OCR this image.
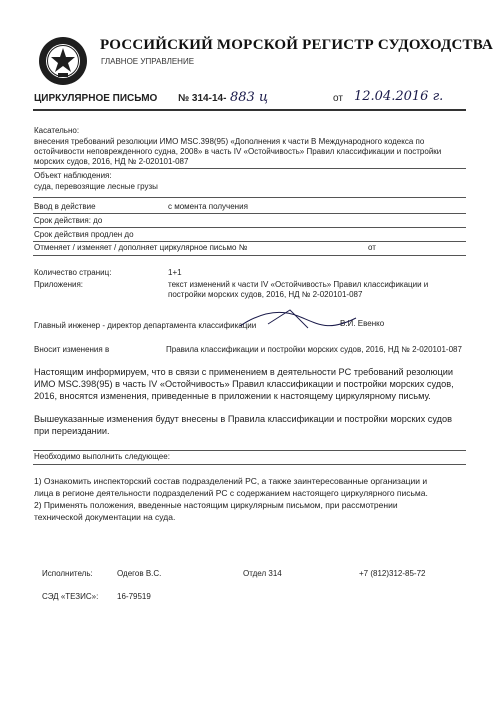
РОССИЙСКИЙ МОРСКОЙ РЕГИСТР СУДОХОДСТВА
ГЛАВНОЕ УПРАВЛЕНИЕ
ЦИРКУЛЯРНОЕ ПИСЬМО № 314-14- 883 ц	от 12.04.2016 г.
Касательно:
внесения требований резолюции ИМО MSC.398(95) «Дополнения к части В Международного кодекса по
остойчивости неповрежденного судна, 2008» в часть IV «Остойчивость» Правил классификации и постройки
морских судов, 2016, НД № 2-020101-087
Объект наблюдения:
суда, перевозящие лесные грузы
Ввод в действие	с момента получения
Срок действия: до
Срок действия продлен до
Отменяет / изменяет / дополняет циркулярное письмо №	от
Количество страниц:	1+1
Приложения:	текст изменений к части IV «Остойчивость» Правил классификации и
постройки морских судов, 2016, НД № 2-020101-087
Главный инженер - директор департамента классификации	В.И. Евенко
Вносит изменения в	Правила классификации и постройки морских судов, 2016, НД № 2-020101-087
Настоящим информируем, что в связи с применением в деятельности РС требований резолюции
ИМО MSC.398(95) в часть IV «Остойчивость» Правил классификации и постройки морских судов,
2016, вносятся изменения, приведенные в приложении к настоящему циркулярному письму.
Вышеуказанные изменения будут внесены в Правила классификации и постройки морских судов
при переиздании.
Необходимо выполнить следующее:
1) Ознакомить инспекторский состав подразделений РС, а также заинтересованные организации и
лица в регионе деятельности подразделений РС с содержанием настоящего циркулярного письма.
2) Применять положения, введенные настоящим циркулярным письмом, при рассмотрении
технической документации на суда.
Исполнитель:	Одегов В.С.	Отдел 314	+7 (812)312-85-72
СЭД «ТЕЗИС»: 16-79519
